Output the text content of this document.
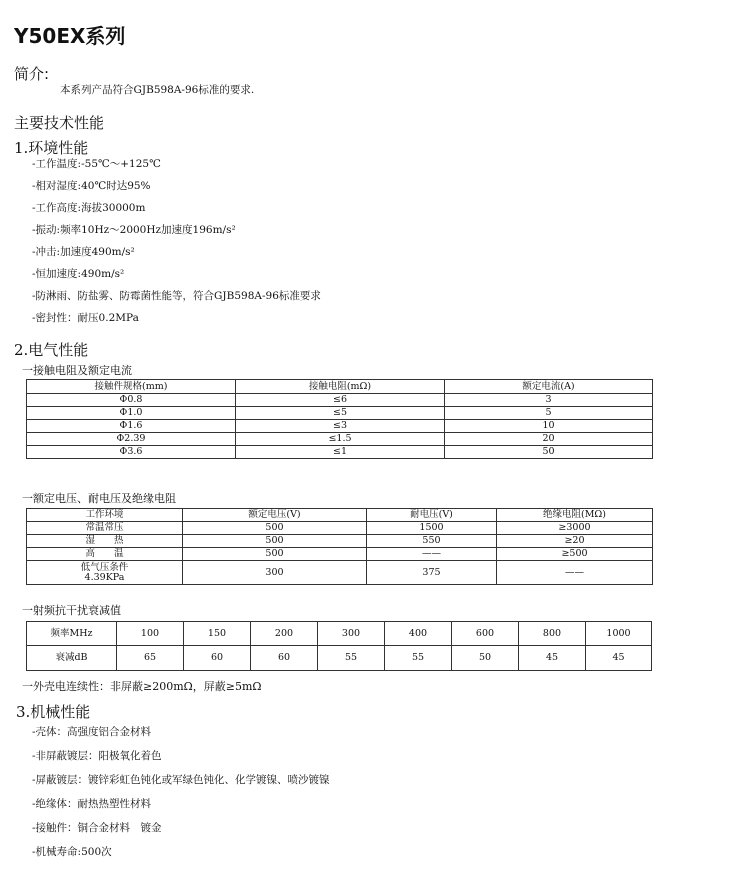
Y50EX系列
简介:
本系列产品符合GJB598A-96标准的要求.
主要技术性能
1.环境性能
-工作温度:-55℃～+125℃
-相对湿度:40℃时达95%
-工作高度:海拔30000m
-振动:频率10Hz～2000Hz加速度196m/s²
-冲击:加速度490m/s²
-恒加速度:490m/s²
-防淋雨、防盐雾、防霉菌性能等，符合GJB598A-96标准要求
-密封性：耐压0.2MPa
2.电气性能
一接触电阻及额定电流
接触件规格(mm)	接触电阻(mΩ)	额定电流(A)
Φ0.8	≤6	3
Φ1.0	≤5	5
Φ1.6	≤3	10
Φ2.39	≤1.5	20
Φ3.6	≤1	50
一额定电压、耐电压及绝缘电阻
工作环境	额定电压(V)	耐电压(V)	绝缘电阻(MΩ)
常温常压	500	1500	≥3000
湿　　热	500	550	≥20
高　　温	500	——	≥500
低气压条件
4.39KPa	300	375	——
一射频抗干扰衰减值
频率MHz	100	150	200	300	400	600	800	1000
衰减dB	65	60	60	55	55	50	45	45
一外壳电连续性：非屏蔽≥200mΩ，屏蔽≥5mΩ
3.机械性能
-壳体：高强度铝合金材料
-非屏蔽镀层：阳极氧化着色
-屏蔽镀层：镀锌彩虹色钝化或军绿色钝化、化学镀镍、喷沙镀镍
-绝缘体：耐热热塑性材料
-接触件：铜合金材料　镀金
-机械寿命:500次
